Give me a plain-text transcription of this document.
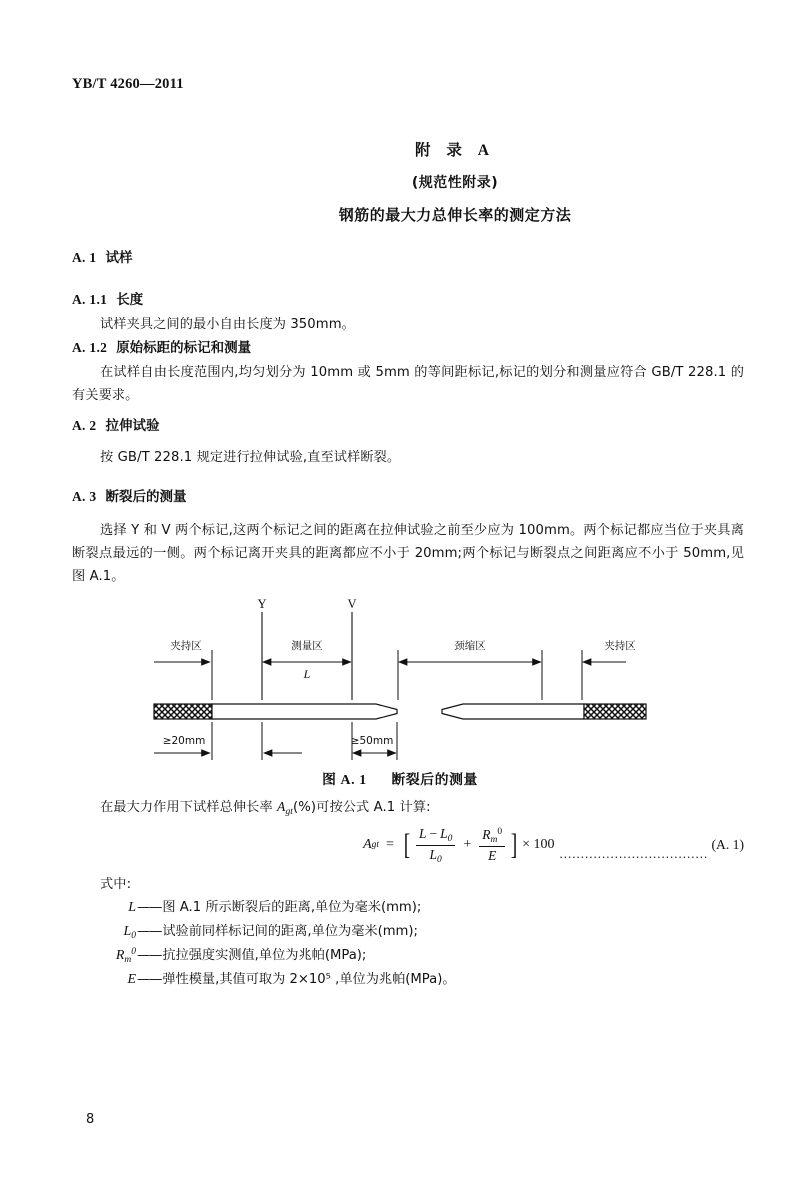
YB/T 4260—2011
附 录 A
(规范性附录)
钢筋的最大力总伸长率的测定方法
A. 1 试样
A. 1.1 长度
试样夹具之间的最小自由长度为 350mm。
A. 1.2 原始标距的标记和测量
在试样自由长度范围内,均匀划分为 10mm 或 5mm 的等间距标记,标记的划分和测量应符合 GB/T 228.1 的有关要求。
A. 2 拉伸试验
按 GB/T 228.1 规定进行拉伸试验,直至试样断裂。
A. 3 断裂后的测量
选择 Y 和 V 两个标记,这两个标记之间的距离在拉伸试验之前至少应为 100mm。两个标记都应当位于夹具离断裂点最远的一侧。两个标记离开夹具的距离都应不小于 20mm;两个标记与断裂点之间距离应不小于 50mm,见图 A.1。
Y	V
夹持区	测量区	颈缩区	夹持区
L
≥20mm	≥50mm
图 A. 1 断裂后的测量
在最大力作用下试样总伸长率 $A_{gt}(\%)$可按公式 A.1 计算:
A gt = [ $\frac{L - L_0}{L_0} + \frac{R_m^0}{E}$ ] × 100
...................................
(A. 1)
式中:
L —— 图 A.1 所示断裂后的距离,单位为毫米(mm);
$L_0$ —— 试验前同样标记间的距离,单位为毫米(mm);
$R_m^0$ —— 抗拉强度实测值,单位为兆帕(MPa);
E —— 弹性模量,其值可取为 2×10⁵ ,单位为兆帕(MPa)。
8
